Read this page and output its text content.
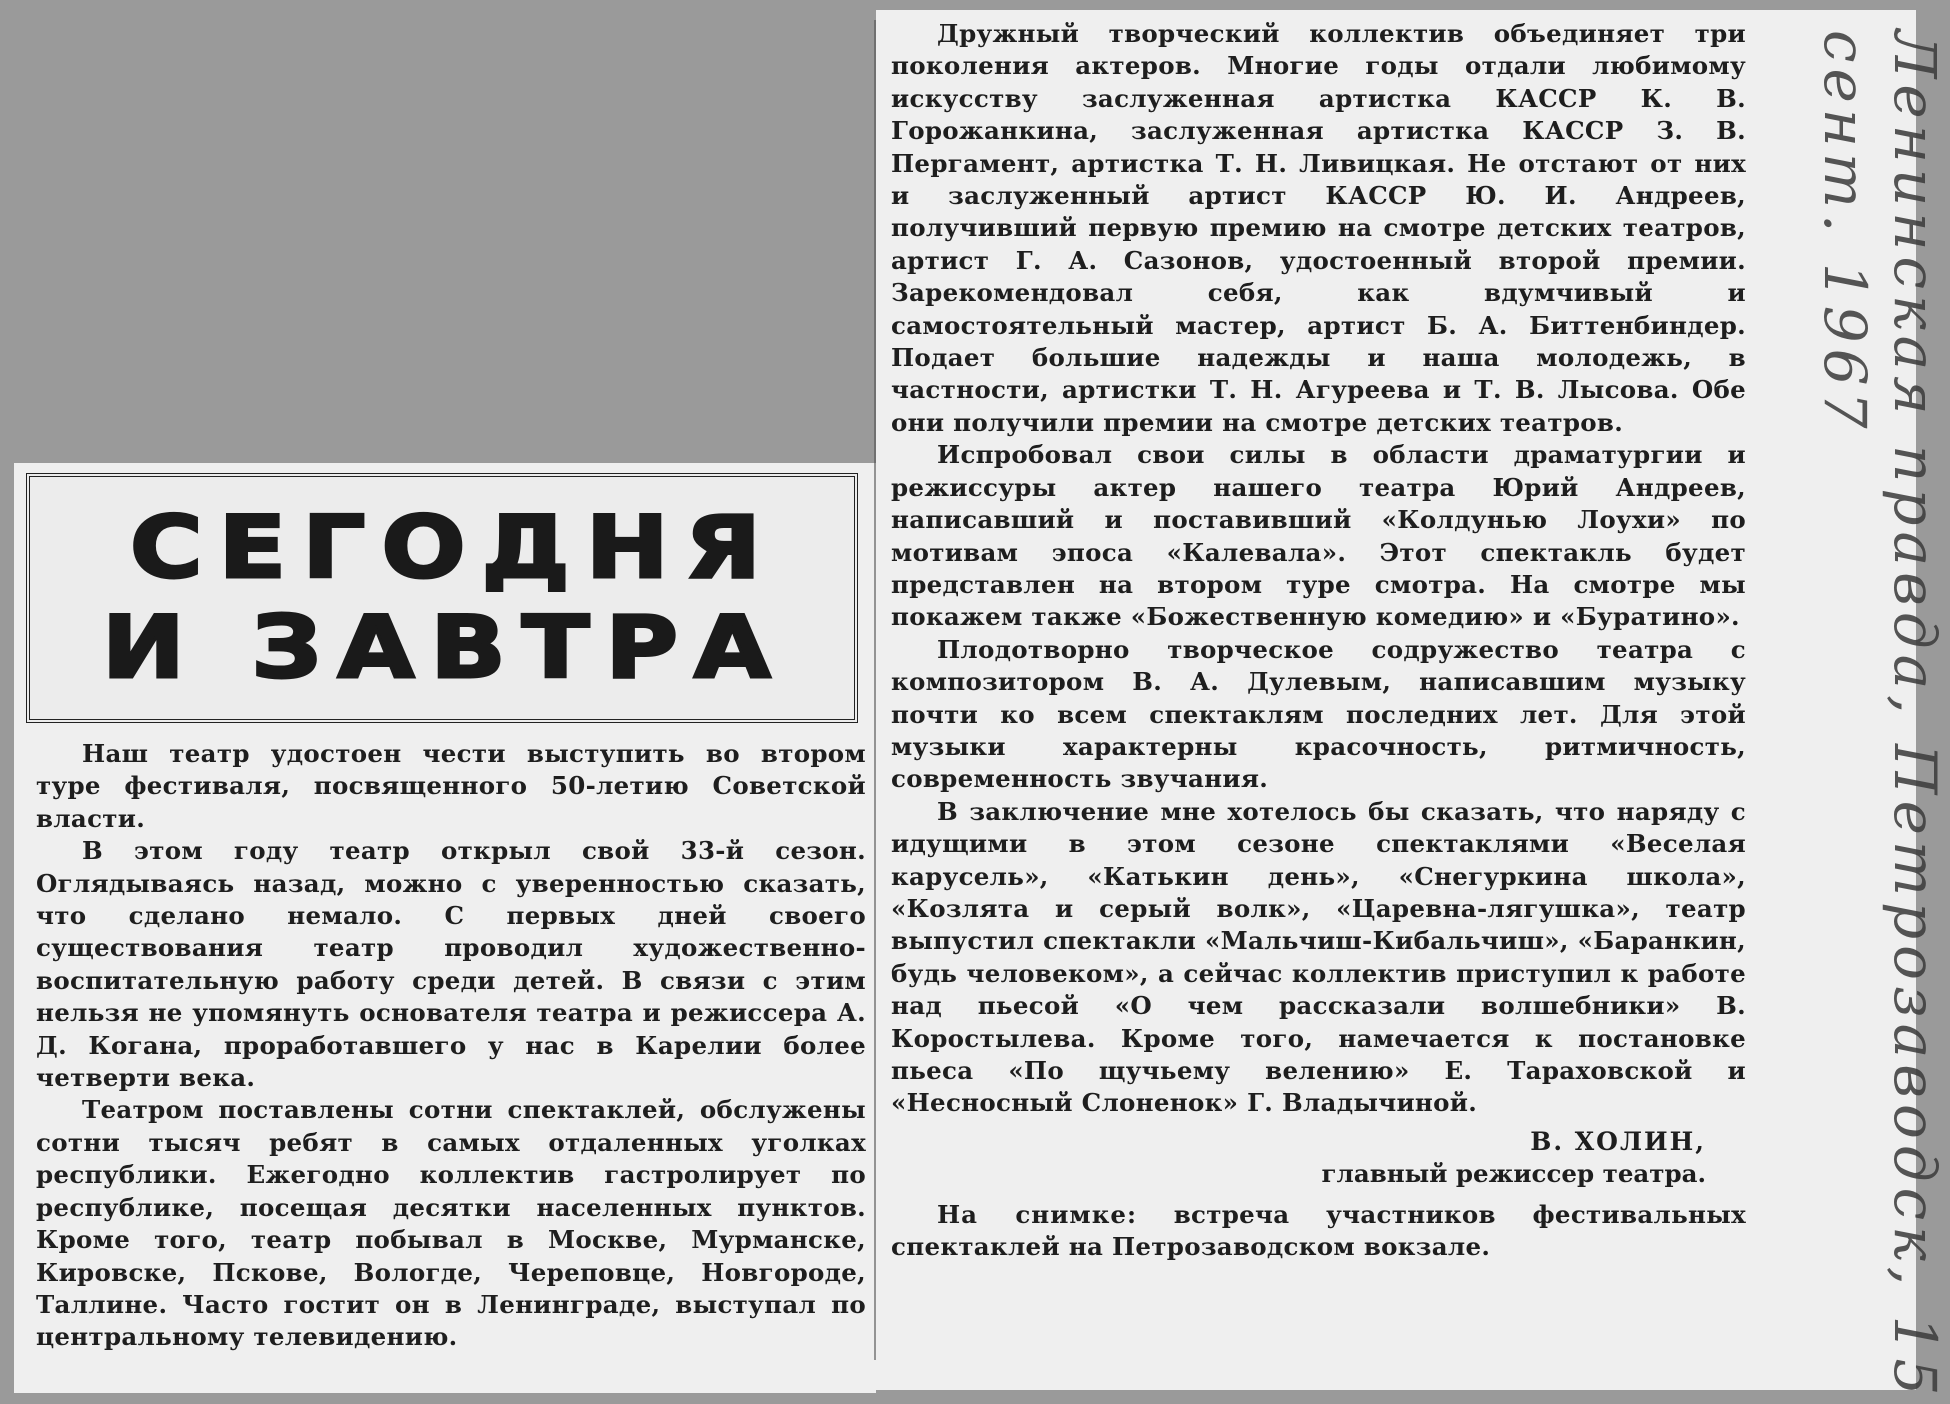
СЕГОДНЯ
И ЗАВТРА

Наш театр удостоен чести выступить во втором туре фестиваля, посвященного 50-летию Советской власти.

В этом году театр открыл свой 33-й сезон. Оглядываясь назад, можно с уверенностью сказать, что сделано немало. С первых дней своего существования театр проводил художественно-воспитательную работу среди детей. В связи с этим нельзя не упомянуть основателя театра и режиссера А. Д. Когана, проработавшего у нас в Карелии более четверти века.

Театром поставлены сотни спектаклей, обслужены сотни тысяч ребят в самых отдаленных уголках республики. Ежегодно коллектив гастролирует по республике, посещая десятки населенных пунктов. Кроме того, театр побывал в Москве, Мурманске, Кировске, Пскове, Вологде, Череповце, Новгороде, Таллине. Часто гостит он в Ленинграде, выступал по центральному телевидению.

Дружный творческий коллектив объединяет три поколения актеров. Многие годы отдали любимому искусству заслуженная артистка КАССР К. В. Горожанкина, заслуженная артистка КАССР З. В. Пергамент, артистка Т. Н. Ливицкая. Не отстают от них и заслуженный артист КАССР Ю. И. Андреев, получивший первую премию на смотре детских театров, артист Г. А. Сазонов, удостоенный второй премии. Зарекомендовал себя, как вдумчивый и самостоятельный мастер, артист Б. А. Биттенбиндер. Подает большие надежды и наша молодежь, в частности, артистки Т. Н. Агуреева и Т. В. Лысова. Обе они получили премии на смотре детских театров.

Испробовал свои силы в области драматургии и режиссуры актер нашего театра Юрий Андреев, написавший и поставивший «Колдунью Лоухи» по мотивам эпоса «Калевала». Этот спектакль будет представлен на втором туре смотра. На смотре мы покажем также «Божественную комедию» и «Буратино».

Плодотворно творческое содружество театра с композитором В. А. Дулевым, написавшим музыку почти ко всем спектаклям последних лет. Для этой музыки характерны красочность, ритмичность, современность звучания.

В заключение мне хотелось бы сказать, что наряду с идущими в этом сезоне спектаклями «Веселая карусель», «Катькин день», «Снегуркина школа», «Козлята и серый волк», «Царевна-лягушка», театр выпустил спектакли «Мальчиш-Кибальчиш», «Баранкин, будь человеком», а сейчас коллектив приступил к работе над пьесой «О чем рассказали волшебники» В. Коростылева. Кроме того, намечается к постановке пьеса «По щучьему велению» Е. Тараховской и «Несносный Слоненок» Г. Владычиной.

В. ХОЛИН,
главный режиссер театра.

На снимке: встреча участников фестивальных спектаклей на Петрозаводском вокзале.	Ленинская правда, Петрозаводск, 15 сент. 1967
